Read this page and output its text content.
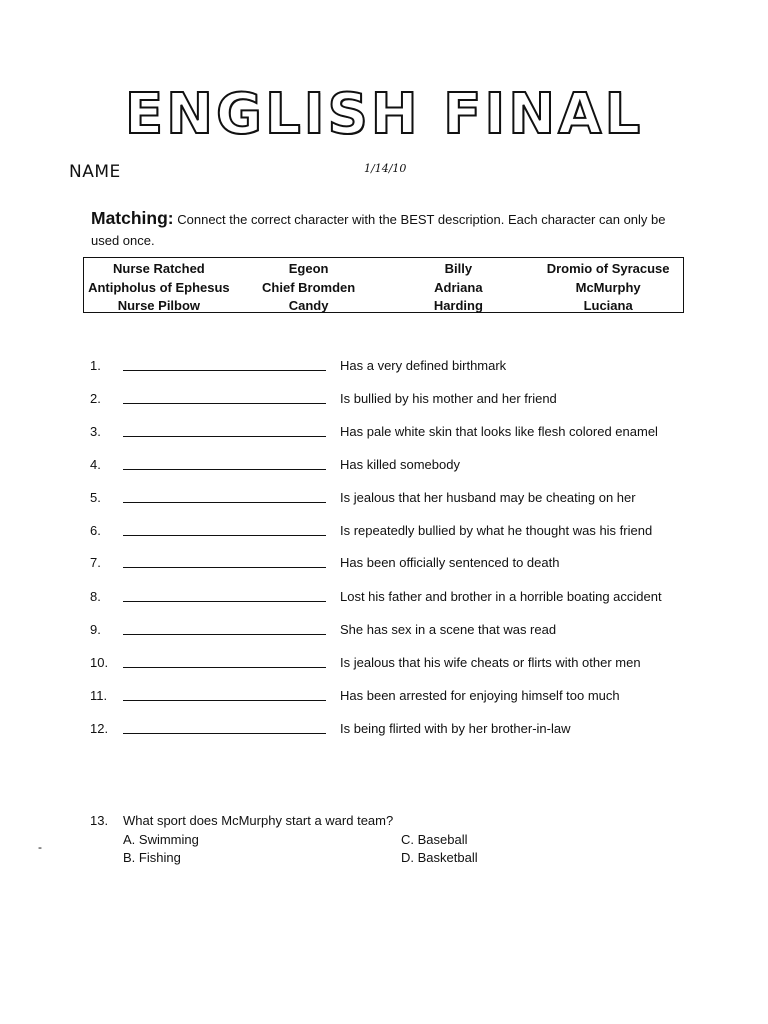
ENGLISH FINAL
NAME	1/14/10
Matching: Connect the correct character with the BEST description. Each character can only be used once.
Nurse Ratched	Egeon	Billy	Dromio of Syracuse
Antipholus of Ephesus	Chief Bromden	Adriana	McMurphy
Nurse Pilbow	Candy	Harding	Luciana
1.	Has a very defined birthmark
2.	Is bullied by his mother and her friend
3.	Has pale white skin that looks like flesh colored enamel
4.	Has killed somebody
5.	Is jealous that her husband may be cheating on her
6.	Is repeatedly bullied by what he thought was his friend
7.	Has been officially sentenced to death
8.	Lost his father and brother in a horrible boating accident
9.	She has sex in a scene that was read
10.	Is jealous that his wife cheats or flirts with other men
11.	Has been arrested for enjoying himself too much
12.	Is being flirted with by her brother-in-law
13. What sport does McMurphy start a ward team?
A. Swimming
B. Fishing
C. Baseball
D. Basketball
-
